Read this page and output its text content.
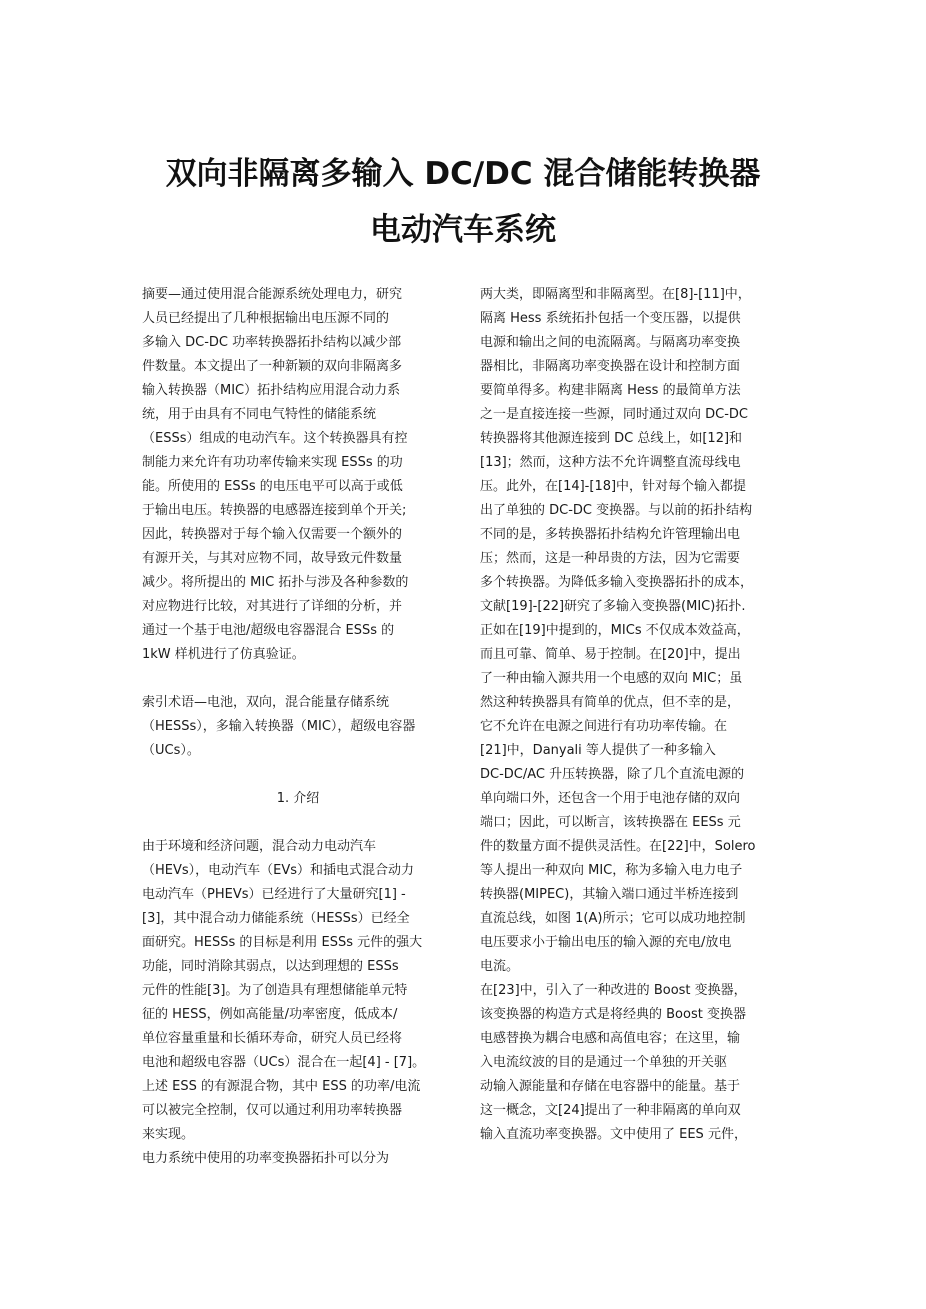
双向非隔离多输入 DC/DC 混合储能转换器
电动汽车系统
摘要—通过使用混合能源系统处理电力，研究
人员已经提出了几种根据输出电压源不同的
多输入 DC-DC 功率转换器拓扑结构以减少部
件数量。本文提出了一种新颖的双向非隔离多
输入转换器（MIC）拓扑结构应用混合动力系
统，用于由具有不同电气特性的储能系统
（ESSs）组成的电动汽车。这个转换器具有控
制能力来允许有功功率传输来实现 ESSs 的功
能。所使用的 ESSs 的电压电平可以高于或低
于输出电压。转换器的电感器连接到单个开关;
因此，转换器对于每个输入仅需要一个额外的
有源开关，与其对应物不同，故导致元件数量
减少。将所提出的 MIC 拓扑与涉及各种参数的
对应物进行比较，对其进行了详细的分析，并
通过一个基于电池/超级电容器混合 ESSs 的
1kW 样机进行了仿真验证。
索引术语—电池，双向，混合能量存储系统
（HESSs），多输入转换器（MIC），超级电容器
（UCs）。
1. 介绍
由于环境和经济问题，混合动力电动汽车
（HEVs），电动汽车（EVs）和插电式混合动力
电动汽车（PHEVs）已经进行了大量研究[1] -
[3]，其中混合动力储能系统（HESSs）已经全
面研究。HESSs 的目标是利用 ESSs 元件的强大
功能，同时消除其弱点，以达到理想的 ESSs
元件的性能[3]。为了创造具有理想储能单元特
征的 HESS，例如高能量/功率密度，低成本/
单位容量重量和长循环寿命，研究人员已经将
电池和超级电容器（UCs）混合在一起[4] - [7]。
上述 ESS 的有源混合物，其中 ESS 的功率/电流
可以被完全控制，仅可以通过利用功率转换器
来实现。
电力系统中使用的功率变换器拓扑可以分为
两大类，即隔离型和非隔离型。在[8]-[11]中，
隔离 Hess 系统拓扑包括一个变压器，以提供
电源和输出之间的电流隔离。与隔离功率变换
器相比，非隔离功率变换器在设计和控制方面
要简单得多。构建非隔离 Hess 的最简单方法
之一是直接连接一些源，同时通过双向 DC-DC
转换器将其他源连接到 DC 总线上，如[12]和
[13]；然而，这种方法不允许调整直流母线电
压。此外，在[14]-[18]中，针对每个输入都提
出了单独的 DC-DC 变换器。与以前的拓扑结构
不同的是，多转换器拓扑结构允许管理输出电
压；然而，这是一种昂贵的方法，因为它需要
多个转换器。为降低多输入变换器拓扑的成本，
文献[19]-[22]研究了多输入变换器(MIC)拓扑.
正如在[19]中提到的，MICs 不仅成本效益高，
而且可靠、简单、易于控制。在[20]中，提出
了一种由输入源共用一个电感的双向 MIC；虽
然这种转换器具有简单的优点，但不幸的是，
它不允许在电源之间进行有功功率传输。在
[21]中，Danyali 等人提供了一种多输入
DC-DC/AC 升压转换器，除了几个直流电源的
单向端口外，还包含一个用于电池存储的双向
端口；因此，可以断言，该转换器在 EESs 元
件的数量方面不提供灵活性。在[22]中，Solero
等人提出一种双向 MIC，称为多输入电力电子
转换器(MIPEC)，其输入端口通过半桥连接到
直流总线，如图 1(A)所示；它可以成功地控制
电压要求小于输出电压的输入源的充电/放电
电流。
在[23]中，引入了一种改进的 Boost 变换器，
该变换器的构造方式是将经典的 Boost 变换器
电感替换为耦合电感和高值电容；在这里，输
入电流纹波的目的是通过一个单独的开关驱
动输入源能量和存储在电容器中的能量。基于
这一概念，文[24]提出了一种非隔离的单向双
输入直流功率变换器。文中使用了 EES 元件，
